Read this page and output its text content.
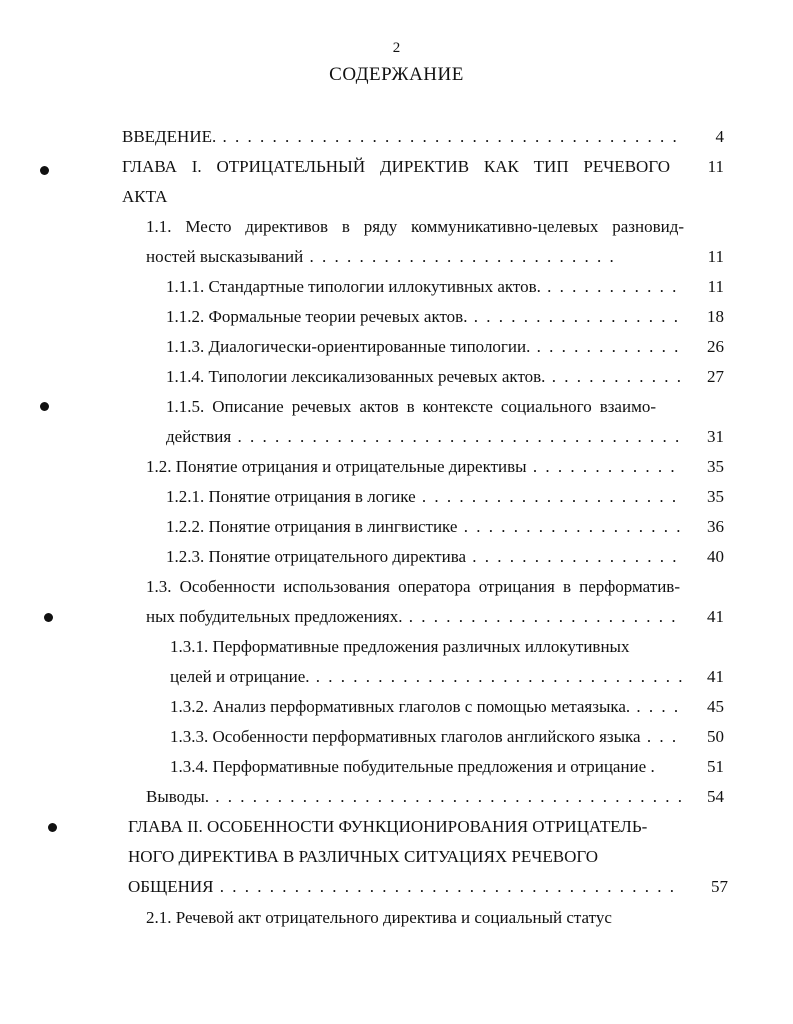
2
СОДЕРЖАНИЕ
ВВЕДЕНИЕ. . . .	4
ГЛАВА I. ОТРИЦАТЕЛЬНЫЙ ДИРЕКТИВ КАК ТИП РЕЧЕВОГО	11
АКТА
1.1. Место директивов в ряду коммуникативно-целевых разновид-
ностей высказываний . . .	11
1.1.1. Стандартные типологии иллокутивных актов. . . .	11
1.1.2. Формальные теории речевых актов. . . .	18
1.1.3. Диалогически-ориентированные типологии. . . .	26
1.1.4. Типологии лексикализованных речевых актов. . . .	27
1.1.5. Описание речевых актов в контексте социального взаимо-
действия . . .	31
1.2. Понятие отрицания и отрицательные директивы . . .	35
1.2.1. Понятие отрицания в логике . . .	35
1.2.2. Понятие отрицания в лингвистике . . .	36
1.2.3. Понятие отрицательного директива . . .	40
1.3. Особенности использования оператора отрицания в перформатив-
ных побудительных предложениях. . . .	41
1.3.1. Перформативные предложения различных иллокутивных
целей и отрицание. . . .	41
1.3.2. Анализ перформативных глаголов с помощью метаязыка. . . .	45
1.3.3. Особенности перформативных глаголов английского языка . . .	50
1.3.4. Перформативные побудительные предложения и отрицание .	51
Выводы. . . .	54
ГЛАВА II. ОСОБЕННОСТИ ФУНКЦИОНИРОВАНИЯ ОТРИЦАТЕЛЬ-
НОГО ДИРЕКТИВА В РАЗЛИЧНЫХ СИТУАЦИЯХ РЕЧЕВОГО
ОБЩЕНИЯ . . .	57
2.1. Речевой акт отрицательного директива и социальный статус
